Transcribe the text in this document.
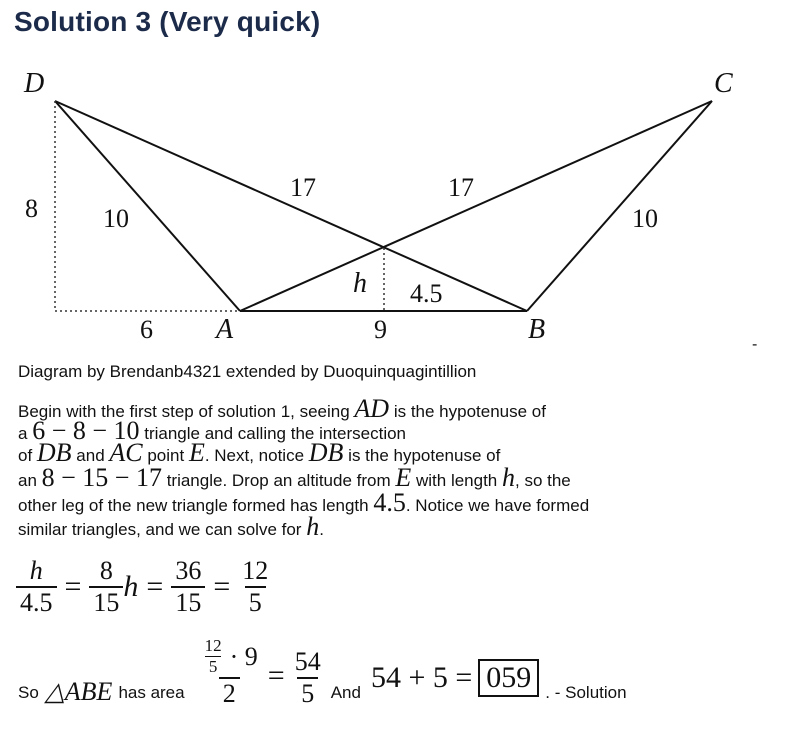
Solution 3 (Very quick)
D	C
A	B
h
8	10
17	17
10
4.5
6	9
-
Diagram by Brendanb4321 extended by Duoquinquagintillion
Begin with the first step of solution 1, seeing AD is the hypotenuse of
a 6 − 8 − 10 triangle and calling the intersection
of DB and AC point E. Next, notice DB is the hypotenuse of
an 8 − 15 − 17 triangle. Drop an altitude from E with length h, so the
other leg of the new triangle formed has length 4.5. Notice we have formed
similar triangles, and we can solve for h.
$\frac{h}{4.5} = \frac{8}{15}$ $h = \frac{36}{15} = \frac{12}{5}$
So △ABE has area $\frac{\frac{12}{5} \cdot 9}{2} = \frac{54}{5}$ And 54 + 5 = 059 . - Solution
